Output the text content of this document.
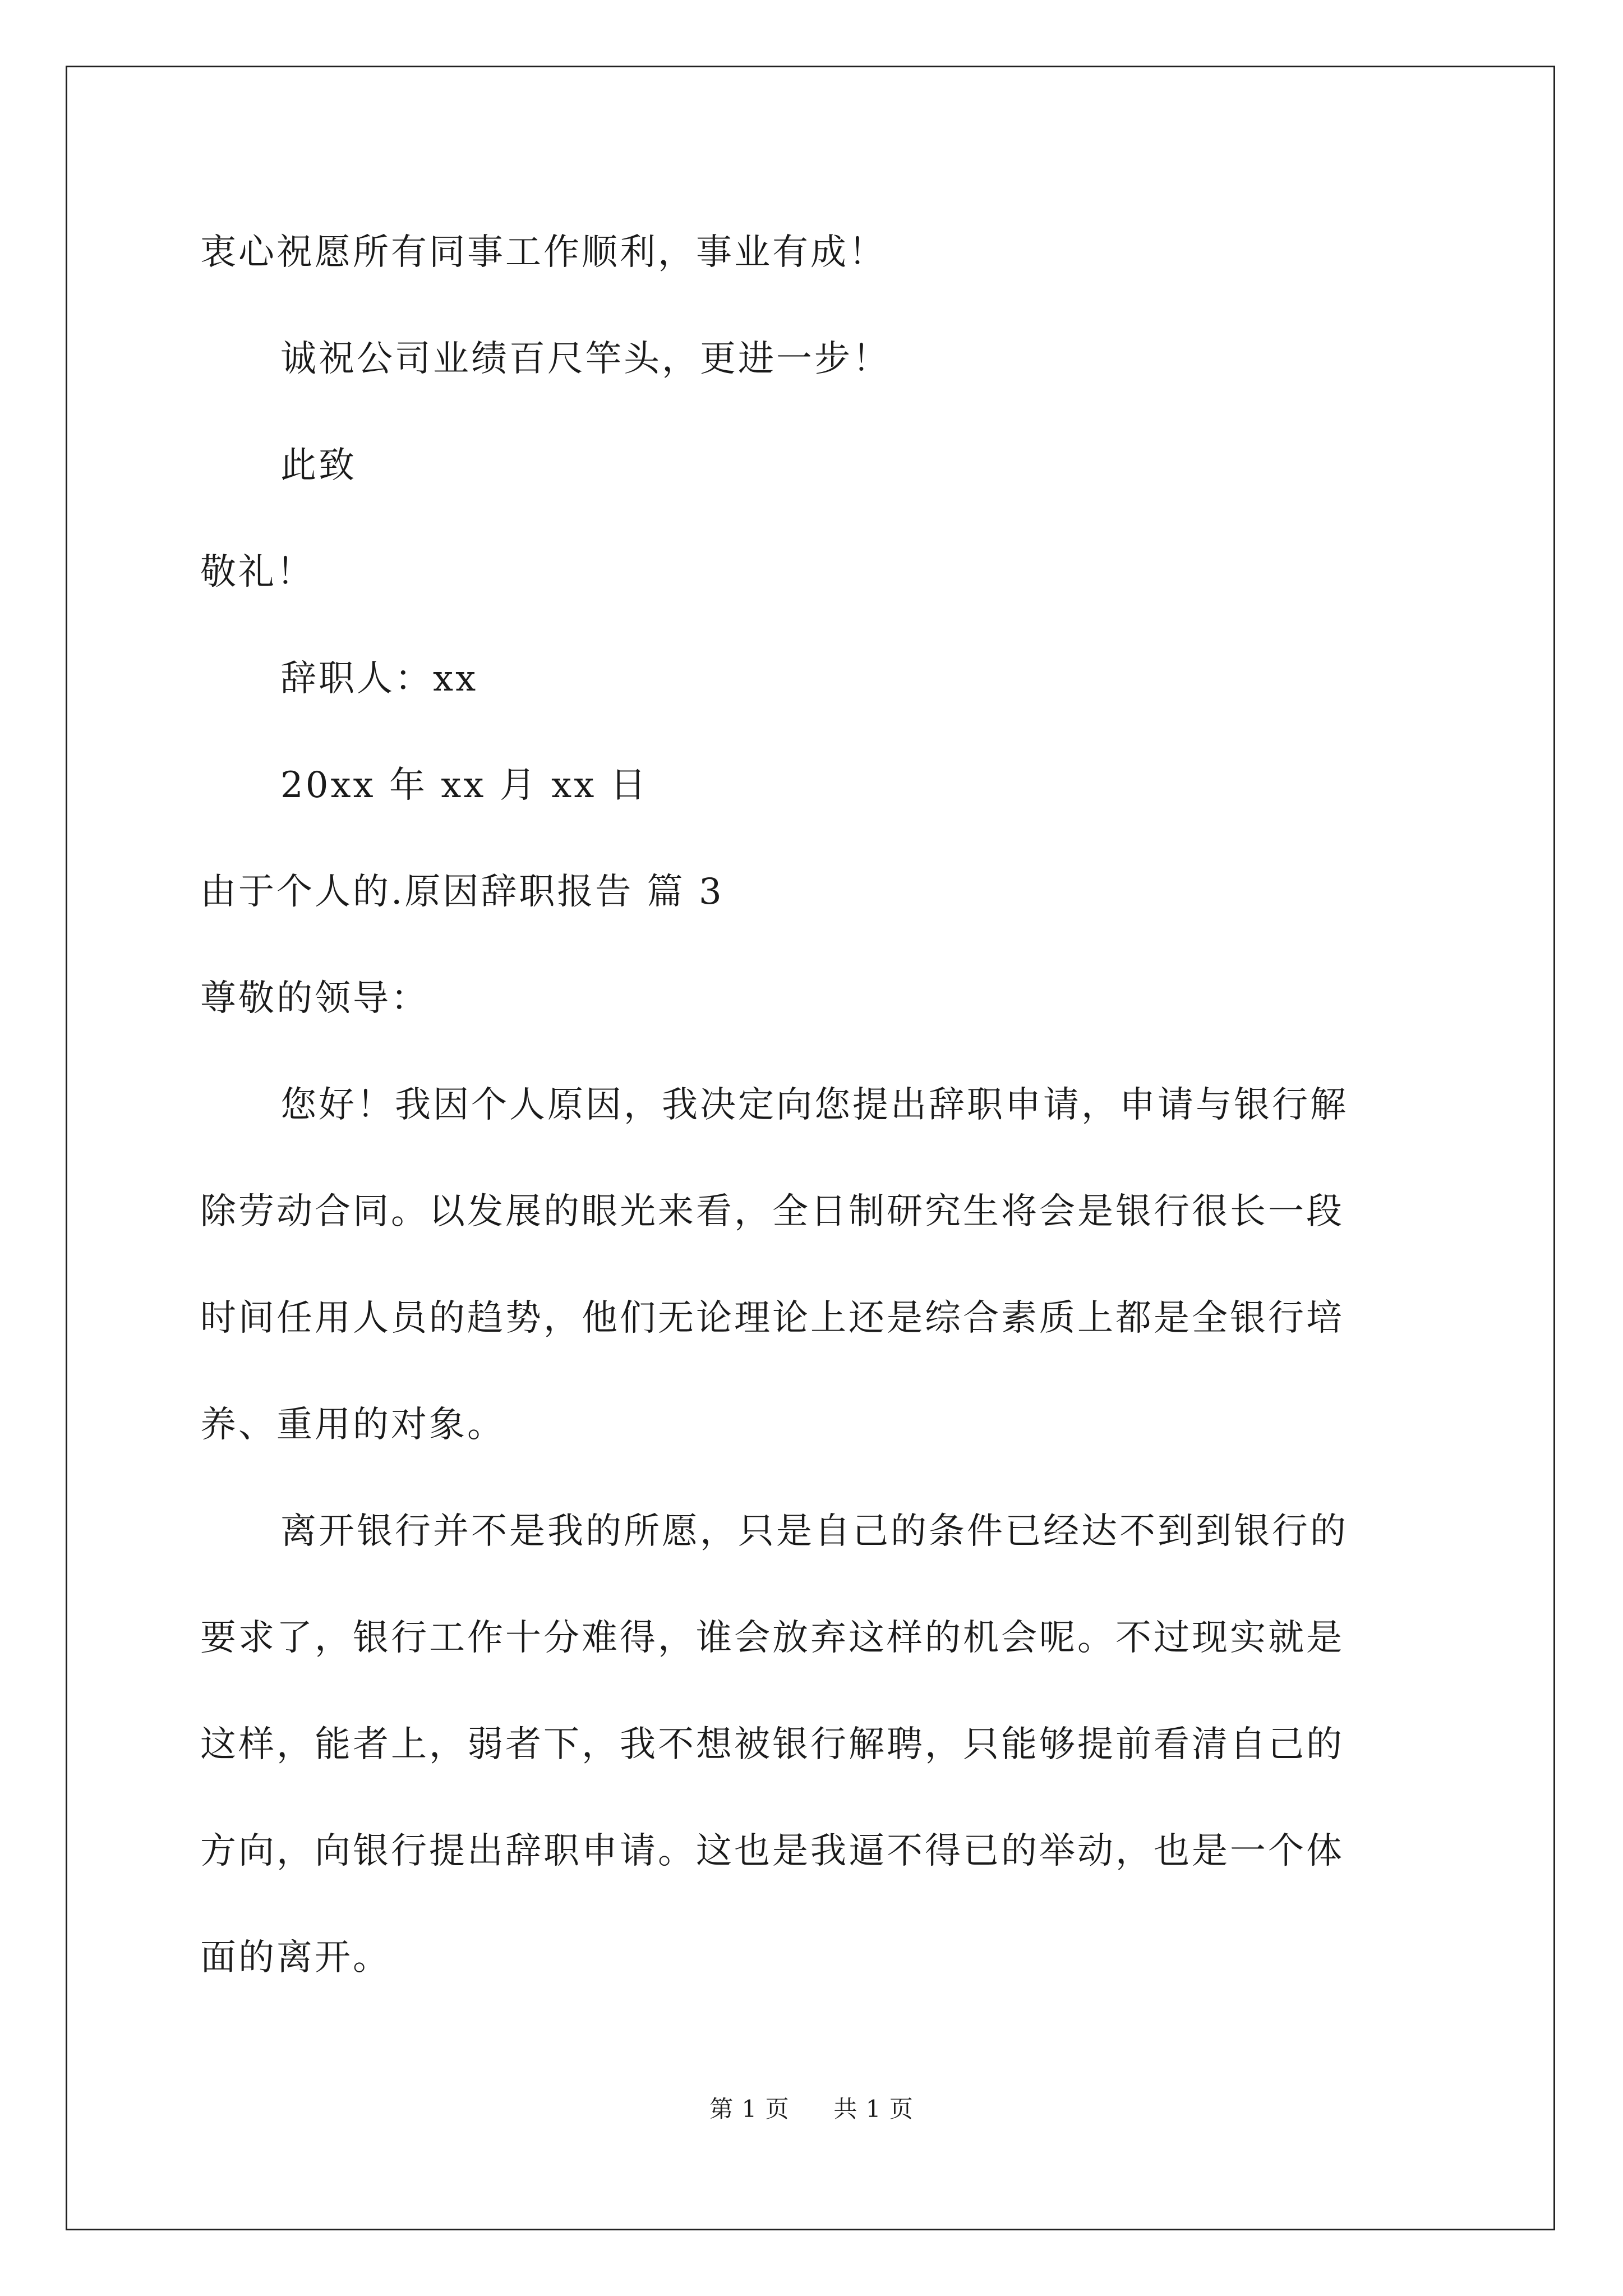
衷心祝愿所有同事工作顺利，事业有成！
诚祝公司业绩百尺竿头，更进一步！
此致
敬礼！
辞职人：xx
20xx 年 xx 月 xx 日
由于个人的.原因辞职报告 篇 3
尊敬的领导：
您好！我因个人原因，我决定向您提出辞职申请，申请与银行解
除劳动合同。以发展的眼光来看，全日制研究生将会是银行很长一段
时间任用人员的趋势，他们无论理论上还是综合素质上都是全银行培
养、重用的对象。
离开银行并不是我的所愿，只是自己的条件已经达不到到银行的
要求了，银行工作十分难得，谁会放弃这样的机会呢。不过现实就是
这样，能者上，弱者下，我不想被银行解聘，只能够提前看清自己的
方向，向银行提出辞职申请。这也是我逼不得已的举动，也是一个体
面的离开。
第 1 页 共 1 页
